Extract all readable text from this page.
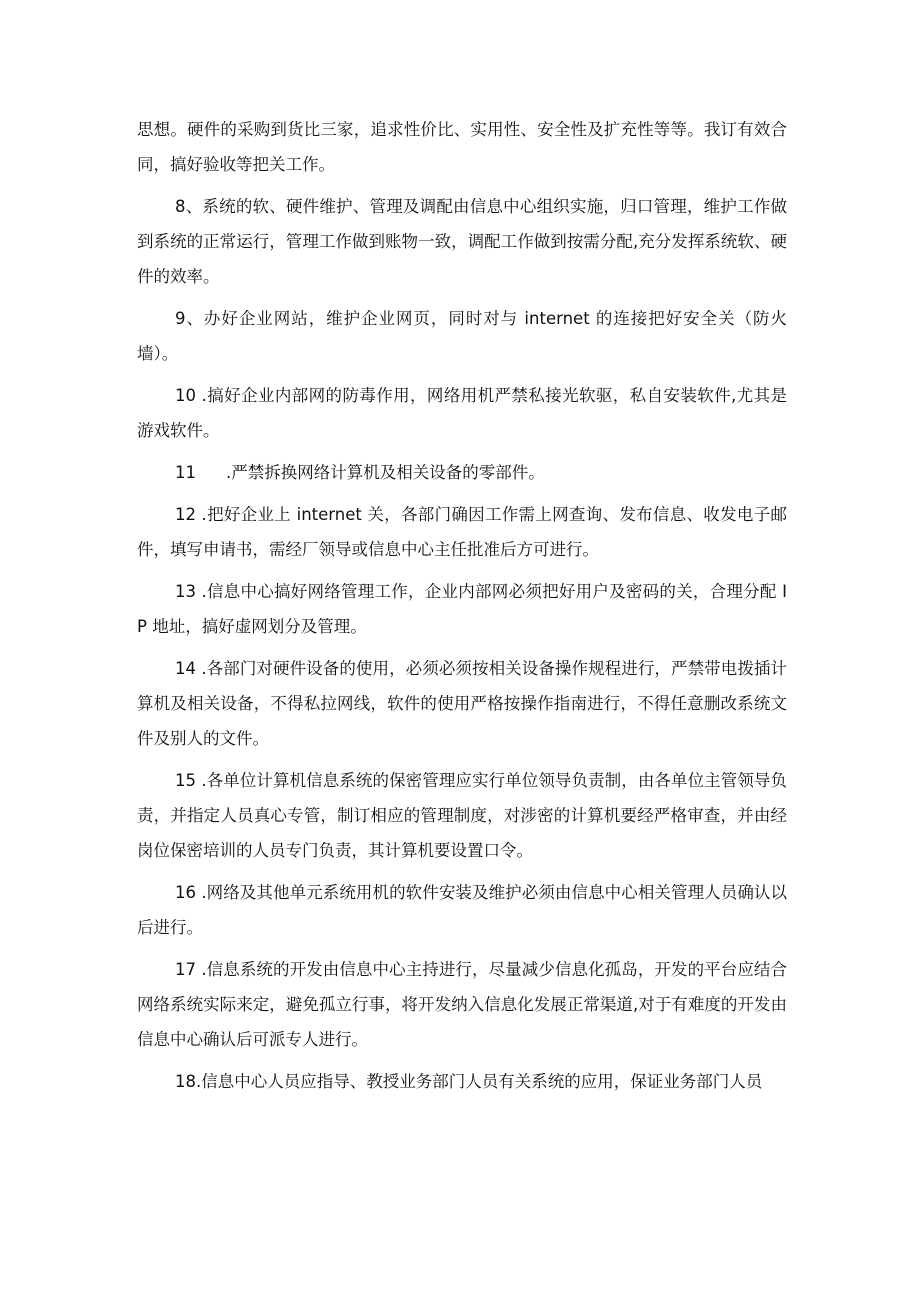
思想。硬件的采购到货比三家，追求性价比、实用性、安全性及扩充性等等。我订有效合同，搞好验收等把关工作。

8、系统的软、硬件维护、管理及调配由信息中心组织实施，归口管理，维护工作做到系统的正常运行，管理工作做到账物一致，调配工作做到按需分配,充分发挥系统软、硬件的效率。

9、办好企业网站，维护企业网页，同时对与 internet 的连接把好安全关（防火墙）。

10 .搞好企业内部网的防毒作用，网络用机严禁私接光软驱，私自安装软件,尤其是游戏软件。

11 .严禁拆换网络计算机及相关设备的零部件。

12 .把好企业上 internet 关，各部门确因工作需上网查询、发布信息、收发电子邮件，填写申请书，需经厂领导或信息中心主任批准后方可进行。

13 .信息中心搞好网络管理工作，企业内部网必须把好用户及密码的关，合理分配 IP 地址，搞好虚网划分及管理。

14 .各部门对硬件设备的使用，必须必须按相关设备操作规程进行，严禁带电拨插计算机及相关设备，不得私拉网线，软件的使用严格按操作指南进行，不得任意删改系统文件及别人的文件。

15 .各单位计算机信息系统的保密管理应实行单位领导负责制，由各单位主管领导负责，并指定人员真心专管，制订相应的管理制度，对涉密的计算机要经严格审查，并由经岗位保密培训的人员专门负责，其计算机要设置口令。

16 .网络及其他单元系统用机的软件安装及维护必须由信息中心相关管理人员确认以后进行。

17 .信息系统的开发由信息中心主持进行，尽量减少信息化孤岛，开发的平台应结合网络系统实际来定，避免孤立行事，将开发纳入信息化发展正常渠道,对于有难度的开发由信息中心确认后可派专人进行。

18.信息中心人员应指导、教授业务部门人员有关系统的应用，保证业务部门人员
